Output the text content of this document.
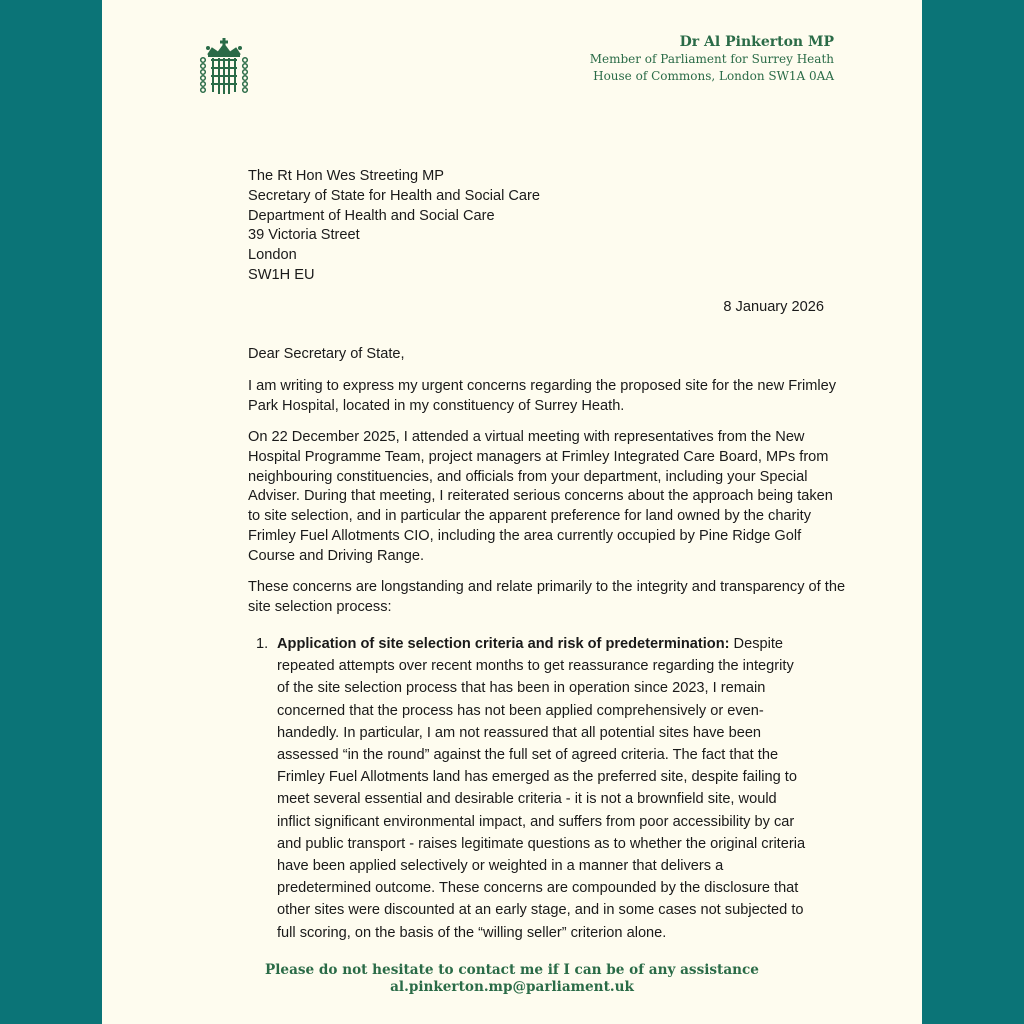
Dr Al Pinkerton MP
Member of Parliament for Surrey Heath
House of Commons, London SW1A 0AA
The Rt Hon Wes Streeting MP
Secretary of State for Health and Social Care
Department of Health and Social Care
39 Victoria Street
London
SW1H EU
8 January 2026
Dear Secretary of State,
I am writing to express my urgent concerns regarding the proposed site for the new Frimley Park Hospital, located in my constituency of Surrey Heath.
On 22 December 2025, I attended a virtual meeting with representatives from the New Hospital Programme Team, project managers at Frimley Integrated Care Board, MPs from neighbouring constituencies, and officials from your department, including your Special Adviser. During that meeting, I reiterated serious concerns about the approach being taken to site selection, and in particular the apparent preference for land owned by the charity Frimley Fuel Allotments CIO, including the area currently occupied by Pine Ridge Golf Course and Driving Range.
These concerns are longstanding and relate primarily to the integrity and transparency of the site selection process:
1. Application of site selection criteria and risk of predetermination: Despite repeated attempts over recent months to get reassurance regarding the integrity of the site selection process that has been in operation since 2023, I remain concerned that the process has not been applied comprehensively or even-handedly. In particular, I am not reassured that all potential sites have been assessed “in the round” against the full set of agreed criteria. The fact that the Frimley Fuel Allotments land has emerged as the preferred site, despite failing to meet several essential and desirable criteria - it is not a brownfield site, would inflict significant environmental impact, and suffers from poor accessibility by car and public transport - raises legitimate questions as to whether the original criteria have been applied selectively or weighted in a manner that delivers a predetermined outcome. These concerns are compounded by the disclosure that other sites were discounted at an early stage, and in some cases not subjected to full scoring, on the basis of the “willing seller” criterion alone.
Please do not hesitate to contact me if I can be of any assistance
al.pinkerton.mp@parliament.uk
